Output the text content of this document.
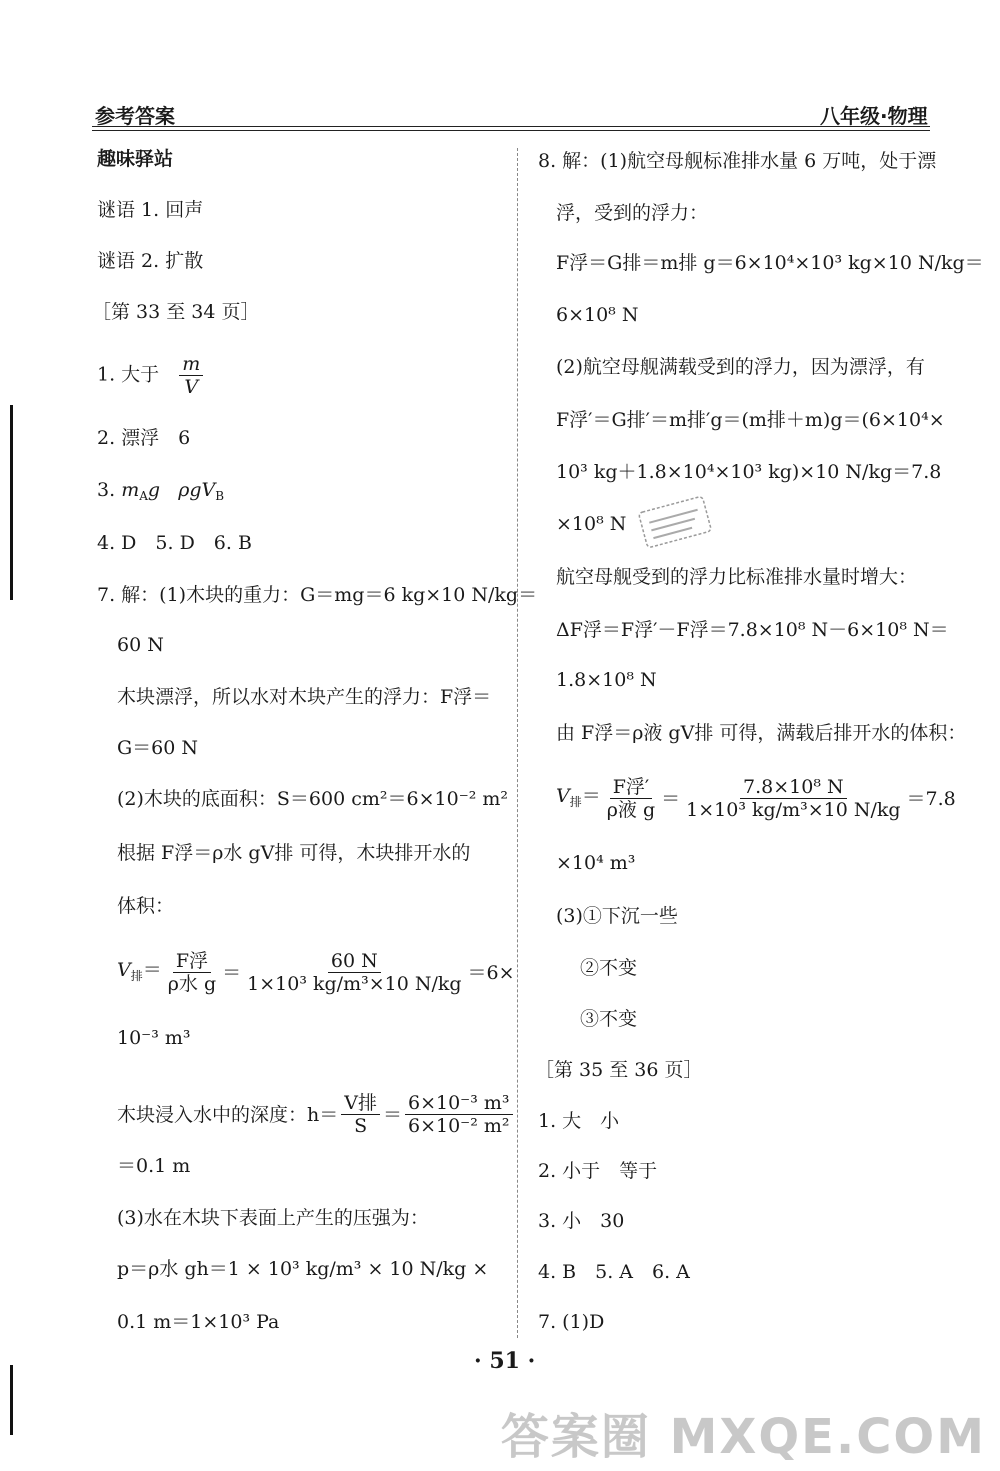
参考答案	八年级·物理
趣味驿站
谜语 1. 回声
谜语 2. 扩散
［第 33 至 34 页］
1. 大于 $\frac{m}{V}$
2. 漂浮　6
3. $m_Ag$ ρgV$_B$
4. D　5. D　6. B
7. 解：(1)木块的重力：G＝mg＝6 kg×10 N/kg＝
60 N
木块漂浮，所以水对木块产生的浮力：F浮＝
G＝60 N
(2)木块的底面积：S＝600 cm²＝6×10⁻² m²
根据 F浮＝ρ水 gV排 可得，木块排开水的
体积：
$V_排= \frac{\text{F浮}}{\text{ρ水 g}} = \frac{60 N}{\text{1×10³ kg/m³×10 N/kg}} =6\times$
10⁻³ m³
木块浸入水中的深度：$h= \frac{\text{V排}}{S} = \frac{\text{6×10⁻³ m³}}{\text{6×10⁻² m²}}$
＝0.1 m
(3)水在木块下表面上产生的压强为：
p＝ρ水 gh＝1 × 10³ kg/m³ × 10 N/kg ×
0.1 m＝1×10³ Pa
8. 解：(1)航空母舰标准排水量 6 万吨，处于漂
浮，受到的浮力：
F浮＝G排＝m排 g＝6×10⁴×10³ kg×10 N/kg＝
6×10⁸ N
(2)航空母舰满载受到的浮力，因为漂浮，有
F浮′＝G排′＝m排′g＝(m排＋m)g＝(6×10⁴×
10³ kg＋1.8×10⁴×10³ kg)×10 N/kg＝7.8
×10⁸ N
航空母舰受到的浮力比标准排水量时增大：
ΔF浮＝F浮′－F浮＝7.8×10⁸ N－6×10⁸ N＝
1.8×10⁸ N
由 F浮＝ρ液 gV排 可得，满载后排开水的体积：
$V_排= \frac{\text{F浮′}}{\text{ρ液 g}} = \frac{\text{7.8×10⁸ N}}{\text{1×10³ kg/m³×10 N/kg}} =7.8$
×10⁴ m³
(3)①下沉一些
②不变
③不变
［第 35 至 36 页］
1. 大　小
2. 小于　等于
3. 小　30
4. B　5. A　6. A
7. (1)D
· 51 ·
答案圈 MXQE.COM
